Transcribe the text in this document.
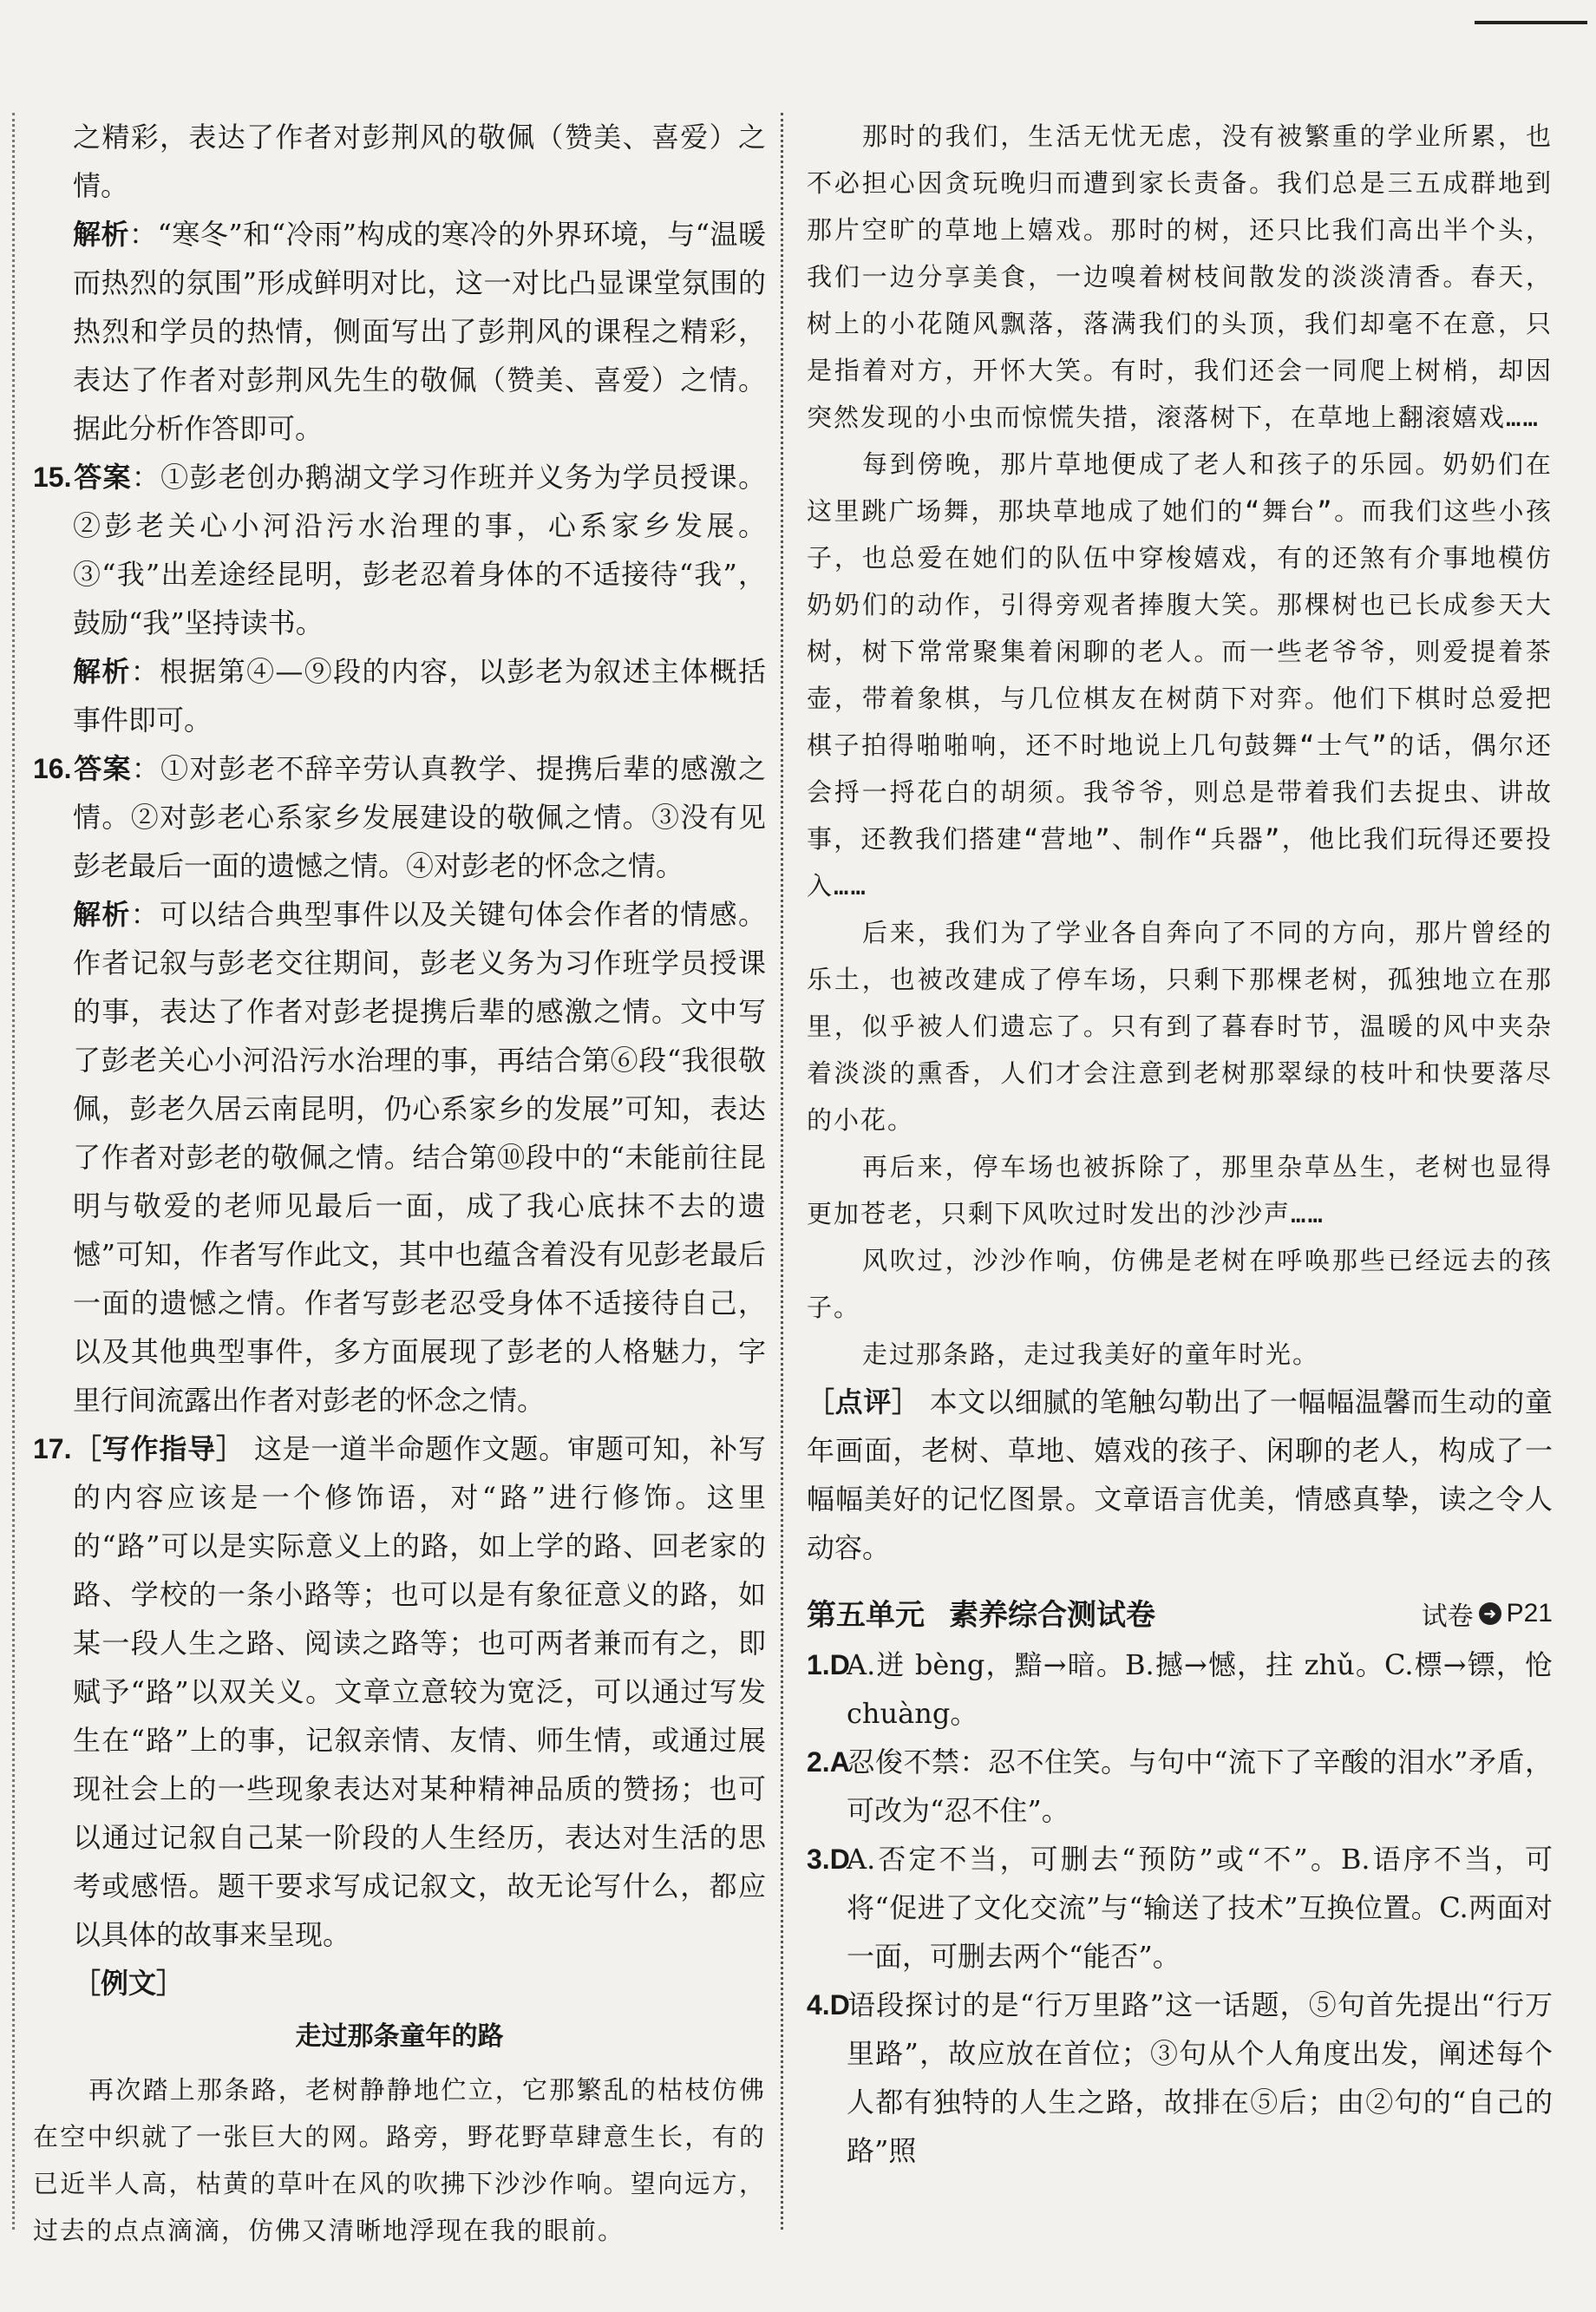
之精彩，表达了作者对彭荆风的敬佩（赞美、喜爱）之情。

解析：“寒冬”和“冷雨”构成的寒冷的外界环境，与“温暖而热烈的氛围”形成鲜明对比，这一对比凸显课堂氛围的热烈和学员的热情，侧面写出了彭荆风的课程之精彩，表达了作者对彭荆风先生的敬佩（赞美、喜爱）之情。据此分析作答即可。

15.答案：①彭老创办鹅湖文学习作班并义务为学员授课。②彭老关心小河沿污水治理的事，心系家乡发展。③“我”出差途经昆明，彭老忍着身体的不适接待“我”，鼓励“我”坚持读书。

解析：根据第④—⑨段的内容，以彭老为叙述主体概括事件即可。

16.答案：①对彭老不辞辛劳认真教学、提携后辈的感激之情。②对彭老心系家乡发展建设的敬佩之情。③没有见彭老最后一面的遗憾之情。④对彭老的怀念之情。

解析：可以结合典型事件以及关键句体会作者的情感。作者记叙与彭老交往期间，彭老义务为习作班学员授课的事，表达了作者对彭老提携后辈的感激之情。文中写了彭老关心小河沿污水治理的事，再结合第⑥段“我很敬佩，彭老久居云南昆明，仍心系家乡的发展”可知，表达了作者对彭老的敬佩之情。结合第⑩段中的“未能前往昆明与敬爱的老师见最后一面，成了我心底抹不去的遗憾”可知，作者写作此文，其中也蕴含着没有见彭老最后一面的遗憾之情。作者写彭老忍受身体不适接待自己，以及其他典型事件，多方面展现了彭老的人格魅力，字里行间流露出作者对彭老的怀念之情。

17.［写作指导］ 这是一道半命题作文题。审题可知，补写的内容应该是一个修饰语，对“路”进行修饰。这里的“路”可以是实际意义上的路，如上学的路、回老家的路、学校的一条小路等；也可以是有象征意义的路，如某一段人生之路、阅读之路等；也可两者兼而有之，即赋予“路”以双关义。文章立意较为宽泛，可以通过写发生在“路”上的事，记叙亲情、友情、师生情，或通过展现社会上的一些现象表达对某种精神品质的赞扬；也可以通过记叙自己某一阶段的人生经历，表达对生活的思考或感悟。题干要求写成记叙文，故无论写什么，都应以具体的故事来呈现。

［例文］

走过那条童年的路

再次踏上那条路，老树静静地伫立，它那繁乱的枯枝仿佛在空中织就了一张巨大的网。路旁，野花野草肆意生长，有的已近半人高，枯黄的草叶在风的吹拂下沙沙作响。望向远方，过去的点点滴滴，仿佛又清晰地浮现在我的眼前。

那时的我们，生活无忧无虑，没有被繁重的学业所累，也不必担心因贪玩晚归而遭到家长责备。我们总是三五成群地到那片空旷的草地上嬉戏。那时的树，还只比我们高出半个头，我们一边分享美食，一边嗅着树枝间散发的淡淡清香。春天，树上的小花随风飘落，落满我们的头顶，我们却毫不在意，只是指着对方，开怀大笑。有时，我们还会一同爬上树梢，却因突然发现的小虫而惊慌失措，滚落树下，在草地上翻滚嬉戏……

每到傍晚，那片草地便成了老人和孩子的乐园。奶奶们在这里跳广场舞，那块草地成了她们的“舞台”。而我们这些小孩子，也总爱在她们的队伍中穿梭嬉戏，有的还煞有介事地模仿奶奶们的动作，引得旁观者捧腹大笑。那棵树也已长成参天大树，树下常常聚集着闲聊的老人。而一些老爷爷，则爱提着茶壶，带着象棋，与几位棋友在树荫下对弈。他们下棋时总爱把棋子拍得啪啪响，还不时地说上几句鼓舞“士气”的话，偶尔还会捋一捋花白的胡须。我爷爷，则总是带着我们去捉虫、讲故事，还教我们搭建“营地”、制作“兵器”，他比我们玩得还要投入……

后来，我们为了学业各自奔向了不同的方向，那片曾经的乐土，也被改建成了停车场，只剩下那棵老树，孤独地立在那里，似乎被人们遗忘了。只有到了暮春时节，温暖的风中夹杂着淡淡的熏香，人们才会注意到老树那翠绿的枝叶和快要落尽的小花。

再后来，停车场也被拆除了，那里杂草丛生，老树也显得更加苍老，只剩下风吹过时发出的沙沙声……

风吹过，沙沙作响，仿佛是老树在呼唤那些已经远去的孩子。

走过那条路，走过我美好的童年时光。

［点评］ 本文以细腻的笔触勾勒出了一幅幅温馨而生动的童年画面，老树、草地、嬉戏的孩子、闲聊的老人，构成了一幅幅美好的记忆图景。文章语言优美，情感真挚，读之令人动容。

第五单元 素养综合测试卷	试卷 ➜ P21

1.DA.迸 bèng，黯→暗。B.撼→憾，拄 zhǔ。C.標→镖，怆 chuàng。

2.A忍俊不禁：忍不住笑。与句中“流下了辛酸的泪水”矛盾，可改为“忍不住”。

3.DA.否定不当，可删去“预防”或“不”。B.语序不当，可将“促进了文化交流”与“输送了技术”互换位置。C.两面对一面，可删去两个“能否”。

4.D语段探讨的是“行万里路”这一话题，⑤句首先提出“行万里路”，故应放在首位；③句从个人角度出发，阐述每个人都有独特的人生之路，故排在⑤后；由②句的“自己的路”照
